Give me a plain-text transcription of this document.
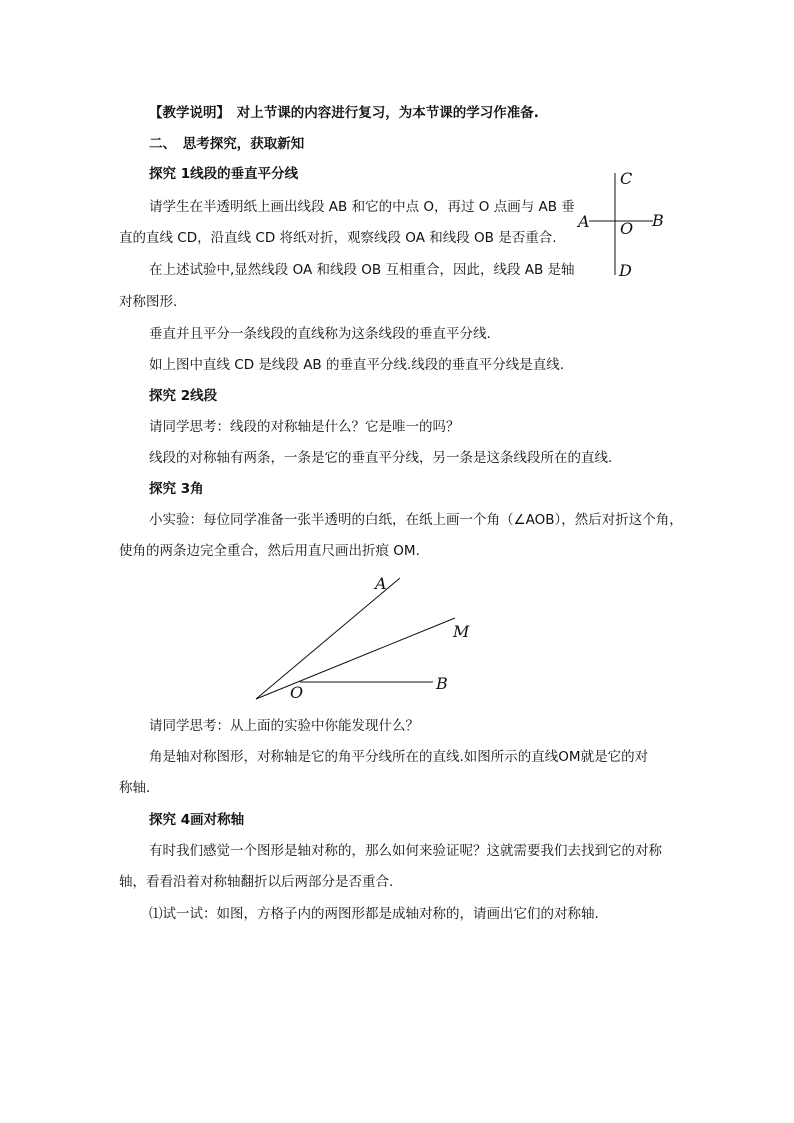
【教学说明】　对上节课的内容进行复习，为本节课的学习作准备.
二、　思考探究，获取新知
探究 1线段的垂直平分线
请学生在半透明纸上画出线段 AB 和它的中点 O，再过 O 点画与 AB 垂
直的直线 CD，沿直线 CD 将纸对折，观察线段 OA 和线段 OB 是否重合.
在上述试验中,显然线段 OA 和线段 OB 互相重合，因此，线段 AB 是轴
对称图形.
垂直并且平分一条线段的直线称为这条线段的垂直平分线.
如上图中直线 CD 是线段 AB 的垂直平分线.线段的垂直平分线是直线.
探究 2线段
请同学思考：线段的对称轴是什么？它是唯一的吗？
线段的对称轴有两条，一条是它的垂直平分线，另一条是这条线段所在的直线.
探究 3角
小实验：每位同学准备一张半透明的白纸，在纸上画一个角（∠AOB），然后对折这个角，
使角的两条边完全重合，然后用直尺画出折痕 OM.
C
A O B
D
A
M
O	B
请同学思考：从上面的实验中你能发现什么？
角是轴对称图形，对称轴是它的角平分线所在的直线.如图所示的直线OM就是它的对
称轴.
探究 4画对称轴
有时我们感觉一个图形是轴对称的，那么如何来验证呢？这就需要我们去找到它的对称
轴，看看沿着对称轴翻折以后两部分是否重合.
⑴试一试：如图，方格子内的两图形都是成轴对称的，请画出它们的对称轴.
